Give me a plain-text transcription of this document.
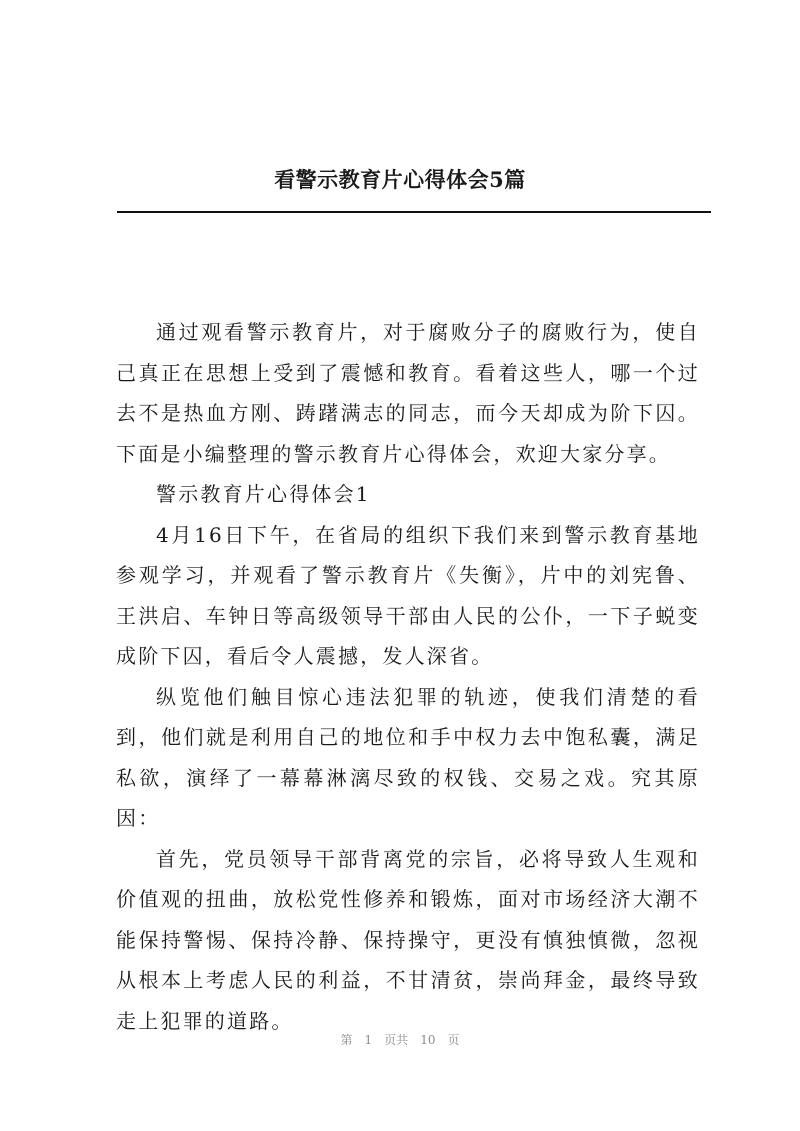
看警示教育片心得体会5篇

通过观看警示教育片，对于腐败分子的腐败行为，使自己真正在思想上受到了震憾和教育。看着这些人，哪一个过去不是热血方刚、踌躇满志的同志，而今天却成为阶下囚。下面是小编整理的警示教育片心得体会，欢迎大家分享。

警示教育片心得体会1

4月16日下午，在省局的组织下我们来到警示教育基地参观学习，并观看了警示教育片《失衡》，片中的刘宪鲁、王洪启、车钟日等高级领导干部由人民的公仆，一下子蜕变成阶下囚，看后令人震撼，发人深省。

纵览他们触目惊心违法犯罪的轨迹，使我们清楚的看到，他们就是利用自己的地位和手中权力去中饱私囊，满足私欲，演绎了一幕幕淋漓尽致的权钱、交易之戏。究其原因：

首先，党员领导干部背离党的宗旨，必将导致人生观和价值观的扭曲，放松党性修养和锻炼，面对市场经济大潮不能保持警惕、保持冷静、保持操守，更没有慎独慎微，忽视从根本上考虑人民的利益，不甘清贫，崇尚拜金，最终导致走上犯罪的道路。

第 1 页共 10 页
